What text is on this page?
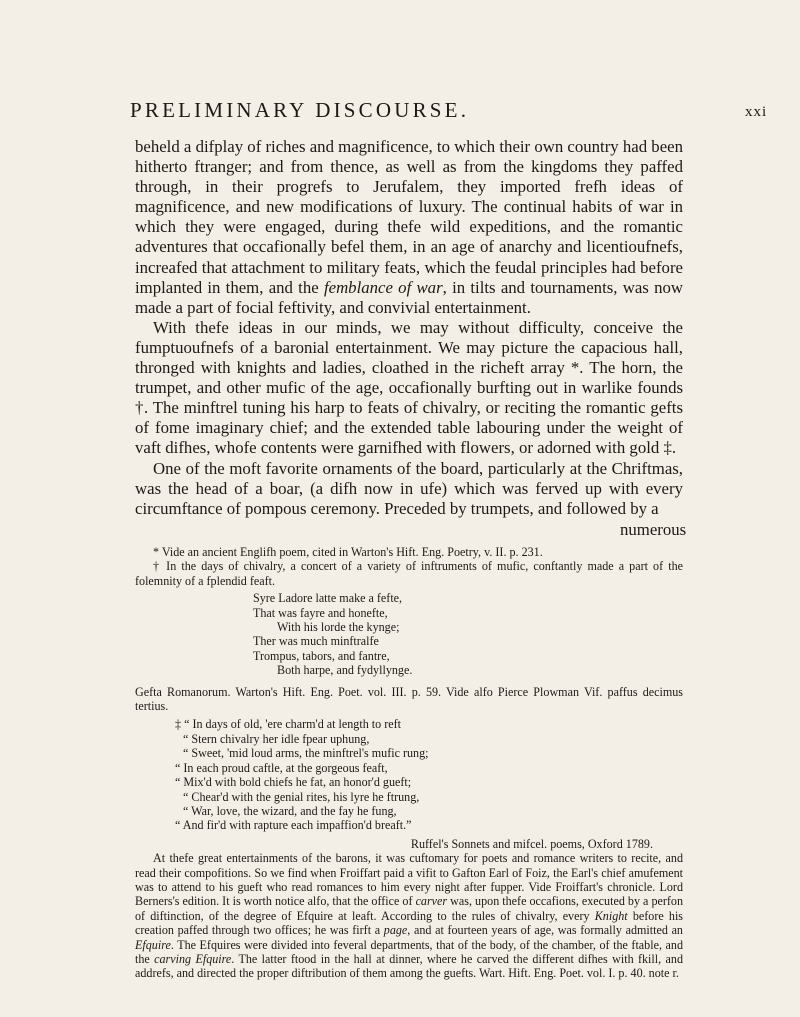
PRELIMINARY DISCOURSE.	xxi

beheld a difplay of riches and magnificence, to which their own country had been hitherto ftranger; and from thence, as well as from the kingdoms they paffed through, in their progrefs to Jerufalem, they imported frefh ideas of magnificence, and new modifications of luxury. The continual habits of war in which they were engaged, during thefe wild expeditions, and the romantic adventures that occafionally befel them, in an age of anarchy and licentioufnefs, increafed that attachment to military feats, which the feudal principles had before implanted in them, and the femblance of war, in tilts and tournaments, was now made a part of focial feftivity, and convivial entertainment.

With thefe ideas in our minds, we may without difficulty, conceive the fumptuoufnefs of a baronial entertainment. We may picture the capacious hall, thronged with knights and ladies, cloathed in the richeft array *. The horn, the trumpet, and other mufic of the age, occafionally burfting out in warlike founds †. The minftrel tuning his harp to feats of chivalry, or reciting the romantic gefts of fome imaginary chief; and the extended table labouring under the weight of vaft difhes, whofe contents were garnifhed with flowers, or adorned with gold ‡.

One of the moft favorite ornaments of the board, particularly at the Chriftmas, was the head of a boar, (a difh now in ufe) which was ferved up with every circumftance of pompous ceremony. Preceded by trumpets, and followed by a

numerous

* Vide an ancient Englifh poem, cited in Warton's Hift. Eng. Poetry, v. II. p. 231.

† In the days of chivalry, a concert of a variety of inftruments of mufic, conftantly made a part of the folemnity of a fplendid feaft.

Syre Ladore latte make a fefte,
That was fayre and honefte,
With his lorde the kynge;
Ther was much minftralfe
Trompus, tabors, and fantre,
Both harpe, and fydyllynge.

Gefta Romanorum. Warton's Hift. Eng. Poet. vol. III. p. 59. Vide alfo Pierce Plowman Vif. paffus decimus tertius.

‡ “ In days of old, 'ere charm'd at length to reft
“ Stern chivalry her idle fpear uphung,
“ Sweet, 'mid loud arms, the minftrel's mufic rung;
“ In each proud caftle, at the gorgeous feaft,
“ Mix'd with bold chiefs he fat, an honor'd gueft;
“ Chear'd with the genial rites, his lyre he ftrung,
“ War, love, the wizard, and the fay he fung,
“ And fir'd with rapture each impaffion'd breaft.”

Ruffel's Sonnets and mifcel. poems, Oxford 1789.

At thefe great entertainments of the barons, it was cuftomary for poets and romance writers to recite, and read their compofitions. So we find when Froiffart paid a vifit to Gafton Earl of Foiz, the Earl's chief amufement was to attend to his gueft who read romances to him every night after fupper. Vide Froiffart's chronicle. Lord Berners's edition. It is worth notice alfo, that the office of carver was, upon thefe occafions, executed by a perfon of diftinction, of the degree of Efquire at leaft. According to the rules of chivalry, every Knight before his creation paffed through two offices; he was firft a page, and at fourteen years of age, was formally admitted an Efquire. The Efquires were divided into feveral departments, that of the body, of the chamber, of the ftable, and the carving Efquire. The latter ftood in the hall at dinner, where he carved the different difhes with fkill, and addrefs, and directed the proper diftribution of them among the guefts. Wart. Hift. Eng. Poet. vol. I. p. 40. note r.
